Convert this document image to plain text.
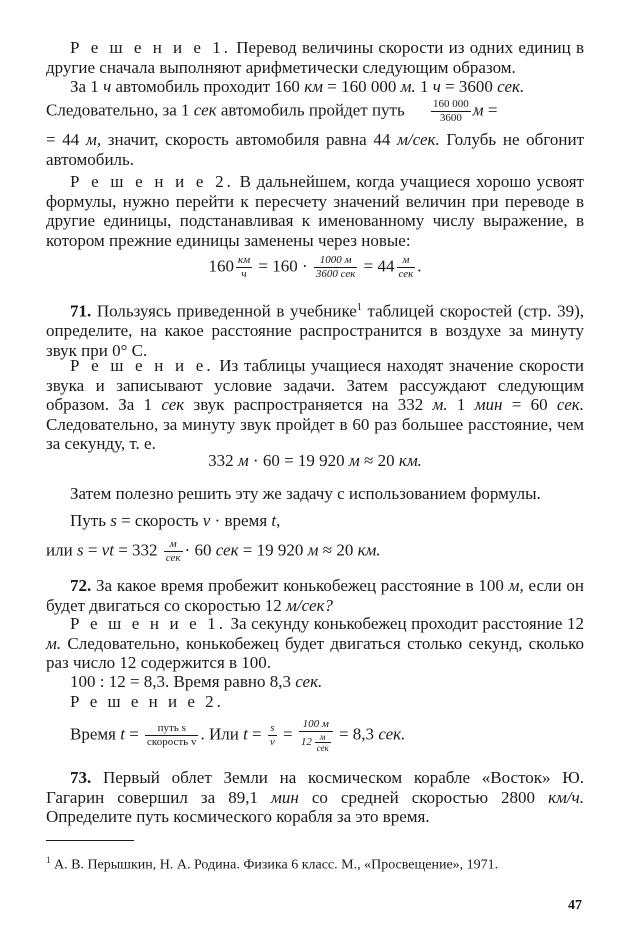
Р е ш е н и е 1. Перевод величины скорости из одних единиц в другие сначала выполняют арифметически следующим образом.
За 1 ч автомобиль проходит 160 км = 160 000 м. 1 ч = 3600 сек.
Следовательно, за 1 сек автомобиль пройдет путь $\frac{160 000}{3600}$ м =
= 44 м, значит, скорость автомобиля равна 44 м/сек. Голубь не обгонит автомобиль.
Р е ш е н и е 2. В дальнейшем, когда учащиеся хорошо усвоят формулы, нужно перейти к пересчету значений величин при переводе в другие единицы, подстанавливая к именованному числу выражение, в котором прежние единицы заменены через новые:
160 км
ч = 160 ·	1000 м
3600 сек = 44 м
сек .
71. Пользуясь приведенной в учебнике$^1$ таблицей скоростей (стр. 39), определите, на какое расстояние распространится в воздухе за минуту звук при 0° С.
Р е ш е н и е. Из таблицы учащиеся находят значение скорости звука и записывают условие задачи. Затем рассуждают следующим образом. За 1 сек звук распространяется на 332 м. 1 мин = 60 сек. Следовательно, за минуту звук пройдет в 60 раз большее расстояние, чем за секунду, т. е.
332 м · 60 = 19 920 м ≈ 20 км.
Затем полезно решить эту же задачу с использованием формулы.
Путь s = скорость v · время t,
или s = vt = 332	м
сек · 60 сек = 19 920 м ≈ 20 км.
72. За какое время пробежит конькобежец расстояние в 100 м, если он будет двигаться со скоростью 12 м/сек?
Р е ш е н и е 1. За секунду конькобежец проходит расстояние 12 м. Следовательно, конькобежец будет двигаться столько секунд, сколько раз число 12 содержится в 100.
100 : 12 = 8,3. Время равно 8,3 сек.
Р е ш е н и е 2.
Время t =	путь s
скорость v . Или $t = \frac{s}{v}$ =
100 м
12 м
сек
= 8,3 сек.
73. Первый облет Земли на космическом корабле «Восток» Ю. Гагарин совершил за 89,1 мин со средней скоростью 2800 км/ч. Определите путь космического корабля за это время.
$^1$ А. В. Перышкин, Н. А. Родина. Физика 6 класс. М., «Просвещение», 1971.
47
